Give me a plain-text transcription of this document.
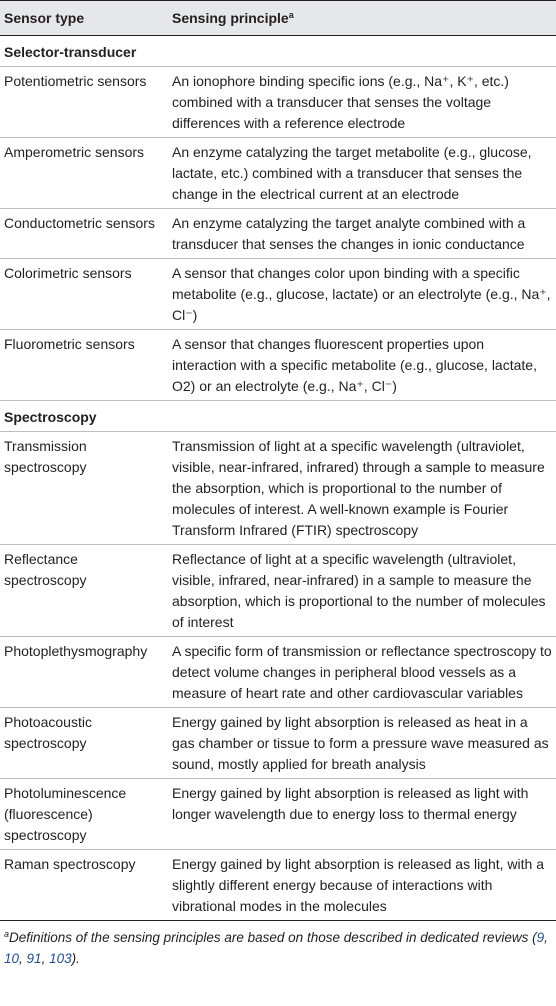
Sensor type	Sensing principle$^a$
Selector-transducer	
Potentiometric sensors	An ionophore binding specific ions (e.g., Na⁺, K⁺, etc.) combined with a transducer that senses the voltage differences with a reference electrode
Amperometric sensors	An enzyme catalyzing the target metabolite (e.g., glucose, lactate, etc.) combined with a transducer that senses the change in the electrical current at an electrode
Conductometric sensors	An enzyme catalyzing the target analyte combined with a transducer that senses the changes in ionic conductance
Colorimetric sensors	A sensor that changes color upon binding with a specific metabolite (e.g., glucose, lactate) or an electrolyte (e.g., Na⁺, Cl⁻)
Fluorometric sensors	A sensor that changes fluorescent properties upon interaction with a specific metabolite (e.g., glucose, lactate, O2) or an electrolyte (e.g., Na⁺, Cl⁻)
Spectroscopy	
Transmission spectroscopy	Transmission of light at a specific wavelength (ultraviolet, visible, near-infrared, infrared) through a sample to measure the absorption, which is proportional to the number of molecules of interest. A well-known example is Fourier Transform Infrared (FTIR) spectroscopy
Reflectance spectroscopy	Reflectance of light at a specific wavelength (ultraviolet, visible, infrared, near-infrared) in a sample to measure the absorption, which is proportional to the number of molecules of interest
Photoplethysmography	A specific form of transmission or reflectance spectroscopy to detect volume changes in peripheral blood vessels as a measure of heart rate and other cardiovascular variables
Photoacoustic spectroscopy	Energy gained by light absorption is released as heat in a gas chamber or tissue to form a pressure wave measured as sound, mostly applied for breath analysis
Photoluminescence (fluorescence) spectroscopy	Energy gained by light absorption is released as light with longer wavelength due to energy loss to thermal energy
Raman spectroscopy	Energy gained by light absorption is released as light, with a slightly different energy because of interactions with vibrational modes in the molecules
$^a$Definitions of the sensing principles are based on those described in dedicated reviews (9, 10, 91, 103).
